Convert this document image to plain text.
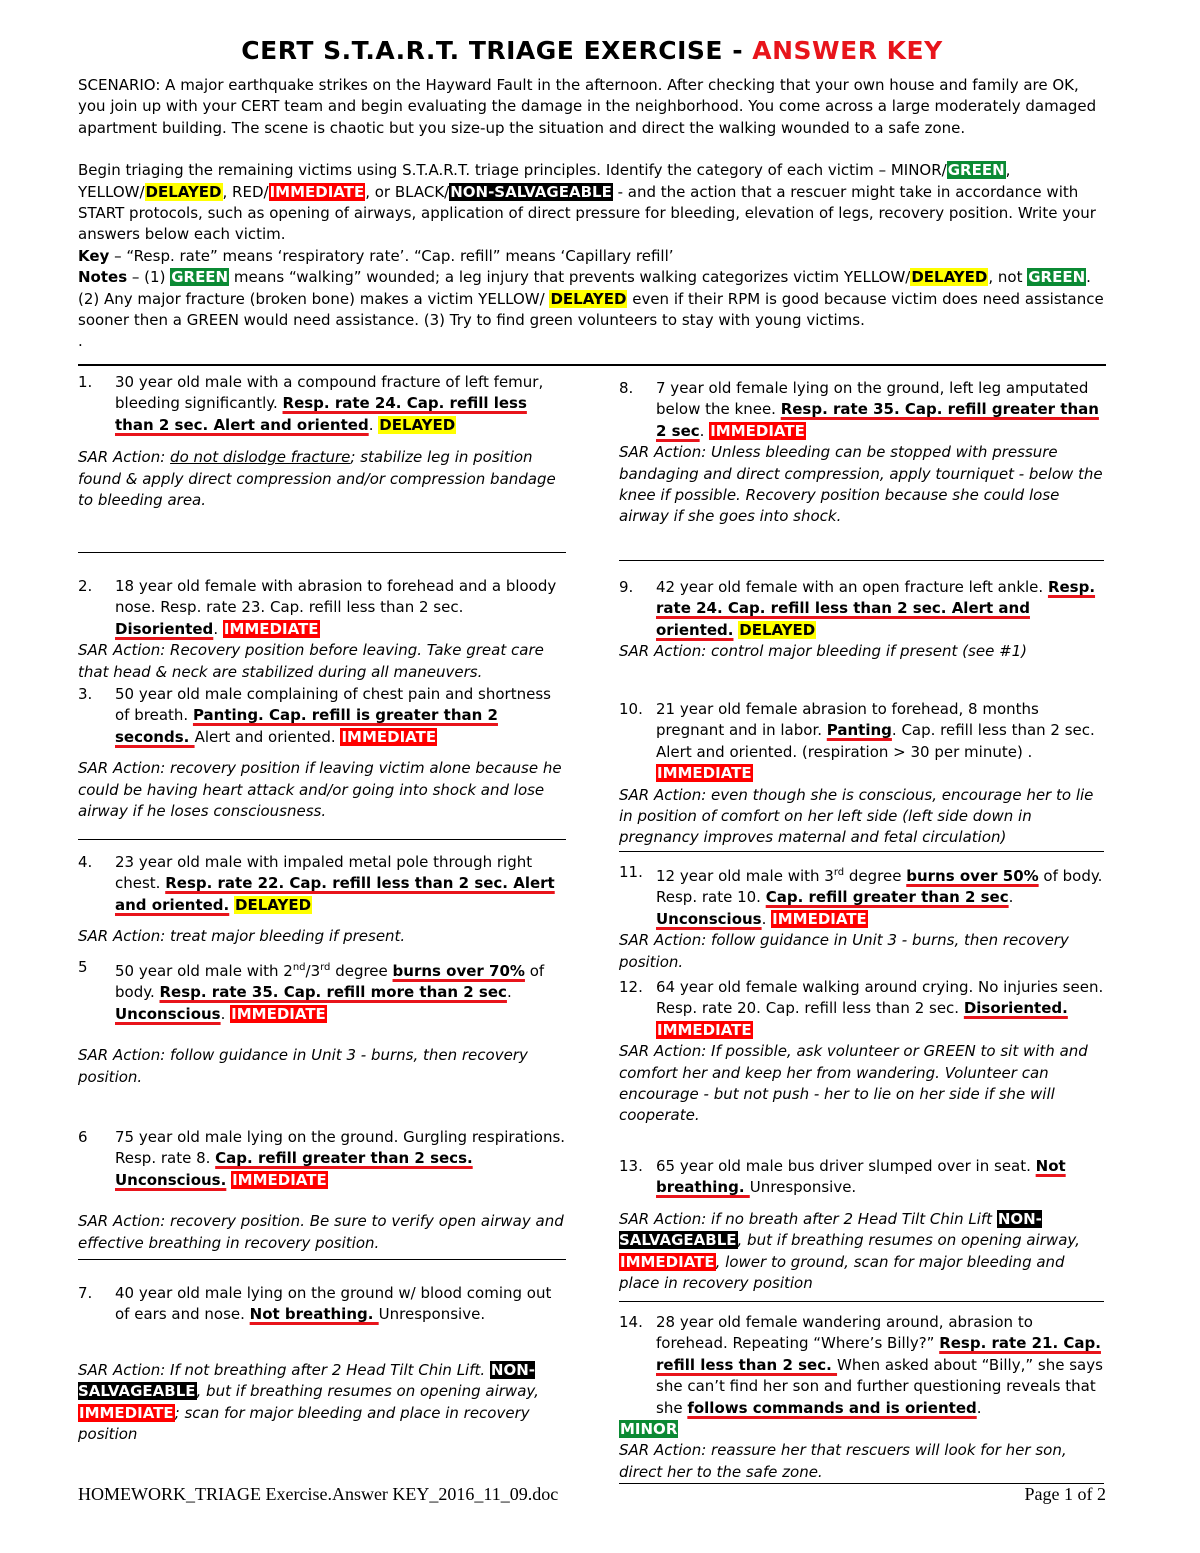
CERT S.T.A.R.T. TRIAGE EXERCISE - ANSWER KEY

SCENARIO: A major earthquake strikes on the Hayward Fault in the afternoon. After checking that your own house and family are OK, you join up with your CERT team and begin evaluating the damage in the neighborhood. You come across a large moderately damaged apartment building. The scene is chaotic but you size-up the situation and direct the walking wounded to a safe zone.

Begin triaging the remaining victims using S.T.A.R.T. triage principles. Identify the category of each victim – MINOR/GREEN, YELLOW/DELAYED, RED/IMMEDIATE, or BLACK/NON-SALVAGEABLE - and the action that a rescuer might take in accordance with START protocols, such as opening of airways, application of direct pressure for bleeding, elevation of legs, recovery position. Write your answers below each victim.

Key – “Resp. rate” means ‘respiratory rate’. “Cap. refill” means ‘Capillary refill’

Notes – (1) GREEN means “walking” wounded; a leg injury that prevents walking categorizes victim YELLOW/DELAYED, not GREEN. (2) Any major fracture (broken bone) makes a victim YELLOW/ DELAYED even if their RPM is good because victim does need assistance sooner then a GREEN would need assistance. (3) Try to find green volunteers to stay with young victims.

.

1.	30 year old male with a compound fracture of left femur, bleeding significantly. Resp. rate 24. Cap. refill less than 2 sec. Alert and oriented. DELAYED
SAR Action: do not dislodge fracture; stabilize leg in position found & apply direct compression and/or compression bandage to bleeding area.
2.	18 year old female with abrasion to forehead and a bloody nose. Resp. rate 23. Cap. refill less than 2 sec. Disoriented. IMMEDIATE
SAR Action: Recovery position before leaving. Take great care that head & neck are stabilized during all maneuvers.
3.	50 year old male complaining of chest pain and shortness of breath. Panting. Cap. refill is greater than 2 seconds. Alert and oriented. IMMEDIATE
SAR Action: recovery position if leaving victim alone because he could be having heart attack and/or going into shock and lose airway if he loses consciousness.
4.	23 year old male with impaled metal pole through right chest. Resp. rate 22. Cap. refill less than 2 sec. Alert and oriented. DELAYED
SAR Action: treat major bleeding if present.
5	50 year old male with 2nd/3rd degree burns over 70% of body. Resp. rate 35. Cap. refill more than 2 sec. Unconscious. IMMEDIATE
SAR Action: follow guidance in Unit 3 - burns, then recovery position.
6	75 year old male lying on the ground. Gurgling respirations. Resp. rate 8. Cap. refill greater than 2 secs. Unconscious. IMMEDIATE
SAR Action: recovery position. Be sure to verify open airway and effective breathing in recovery position.
7.	40 year old male lying on the ground w/ blood coming out of ears and nose. Not breathing. Unresponsive.
SAR Action: If not breathing after 2 Head Tilt Chin Lift. NON-SALVAGEABLE, but if breathing resumes on opening airway, IMMEDIATE; scan for major bleeding and place in recovery position
8.	7 year old female lying on the ground, left leg amputated below the knee. Resp. rate 35. Cap. refill greater than 2 sec. IMMEDIATE
SAR Action: Unless bleeding can be stopped with pressure bandaging and direct compression, apply tourniquet - below the knee if possible. Recovery position because she could lose airway if she goes into shock.
9.	42 year old female with an open fracture left ankle. Resp. rate 24. Cap. refill less than 2 sec. Alert and oriented. DELAYED
SAR Action: control major bleeding if present (see #1)
10. 21 year old female abrasion to forehead, 8 months pregnant and in labor. Panting. Cap. refill less than 2 sec. Alert and oriented. (respiration > 30 per minute) . IMMEDIATE
SAR Action: even though she is conscious, encourage her to lie in position of comfort on her left side (left side down in pregnancy improves maternal and fetal circulation)
11. 12 year old male with 3rd degree burns over 50% of body. Resp. rate 10. Cap. refill greater than 2 sec. Unconscious. IMMEDIATE
SAR Action: follow guidance in Unit 3 - burns, then recovery position.
12. 64 year old female walking around crying. No injuries seen. Resp. rate 20. Cap. refill less than 2 sec. Disoriented. IMMEDIATE
SAR Action: If possible, ask volunteer or GREEN to sit with and comfort her and keep her from wandering. Volunteer can encourage - but not push - her to lie on her side if she will cooperate.
13. 65 year old male bus driver slumped over in seat. Not breathing. Unresponsive.
SAR Action: if no breath after 2 Head Tilt Chin Lift NON-SALVAGEABLE, but if breathing resumes on opening airway, IMMEDIATE, lower to ground, scan for major bleeding and place in recovery position
14. 28 year old female wandering around, abrasion to forehead. Repeating “Where’s Billy?” Resp. rate 21. Cap. refill less than 2 sec. When asked about “Billy,” she says she can’t find her son and further questioning reveals that she follows commands and is oriented.
MINOR
SAR Action: reassure her that rescuers will look for her son, direct her to the safe zone.
HOMEWORK_TRIAGE Exercise.Answer KEY_2016_11_09.doc	Page 1 of 2
